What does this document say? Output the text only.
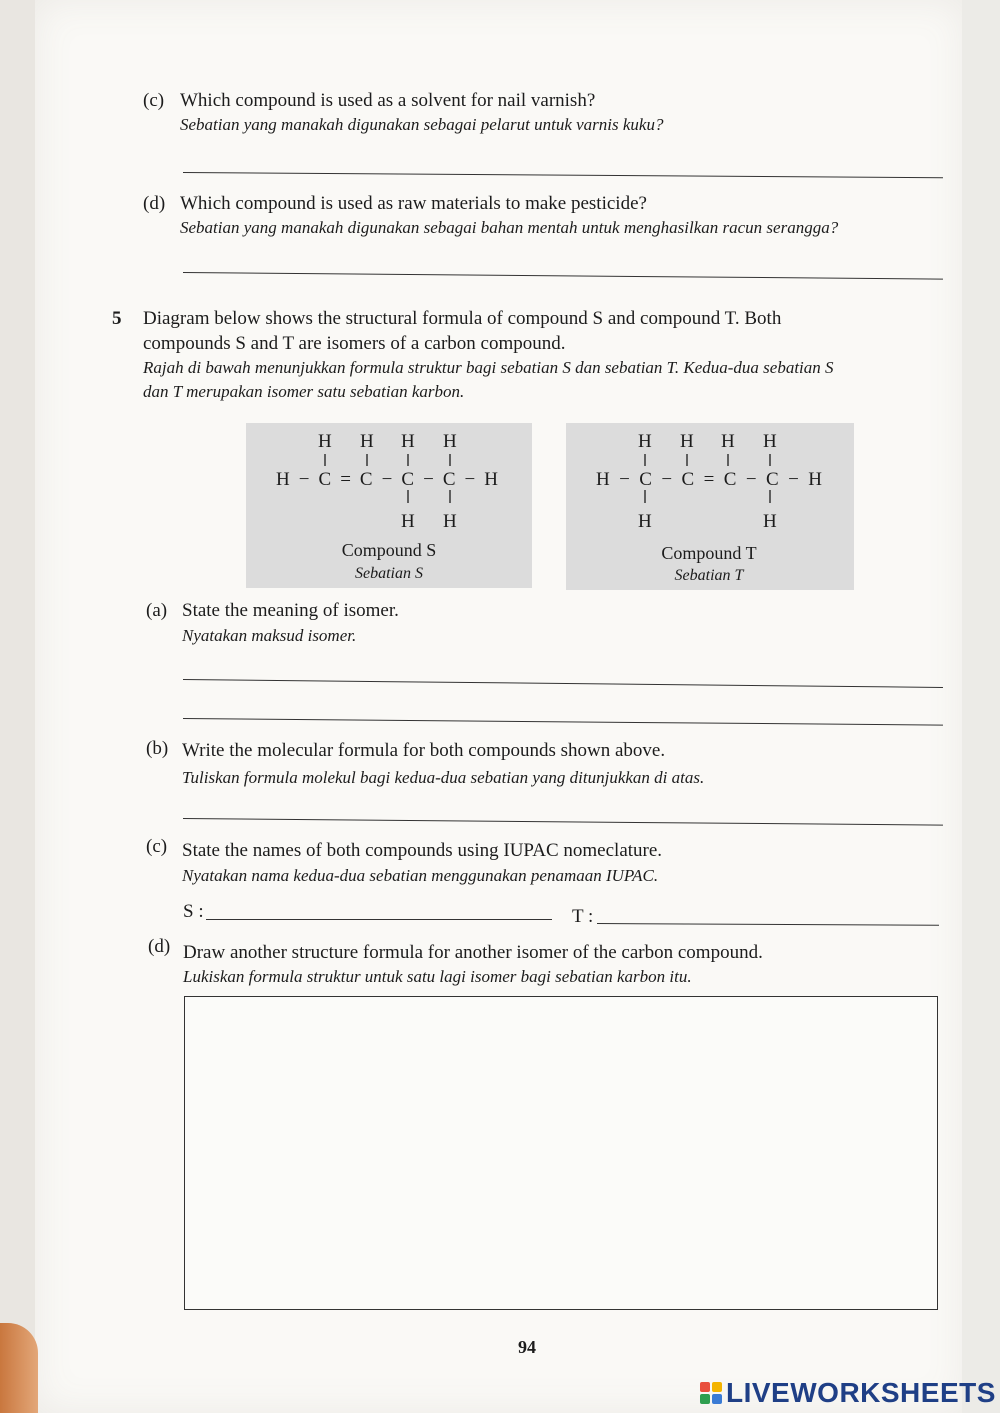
(c) Which compound is used as a solvent for nail varnish?
Sebatian yang manakah digunakan sebagai pelarut untuk varnis kuku?
(d) Which compound is used as raw materials to make pesticide?
Sebatian yang manakah digunakan sebagai bahan mentah untuk menghasilkan racun serangga?
5 Diagram below shows the structural formula of compound S and compound T. Both
compounds S and T are isomers of a carbon compound.
Rajah di bawah menunjukkan formula struktur bagi sebatian S dan sebatian T. Kedua-dua sebatian S
dan T merupakan isomer satu sebatian karbon.
H H H H
H−C=C−C−C−H
H H
Compound S
Sebatian S
H H H H
H−C−C=C−C−H
H	H
Compound T
Sebatian T
(a) State the meaning of isomer.
Nyatakan maksud isomer.
(b) Write the molecular formula for both compounds shown above.
Tuliskan formula molekul bagi kedua-dua sebatian yang ditunjukkan di atas.
(c) State the names of both compounds using IUPAC nomeclature.
Nyatakan nama kedua-dua sebatian menggunakan penamaan IUPAC.
S :	T :
(d) Draw another structure formula for another isomer of the carbon compound.
Lukiskan formula struktur untuk satu lagi isomer bagi sebatian karbon itu.
94
LIVEWORKSHEETS
